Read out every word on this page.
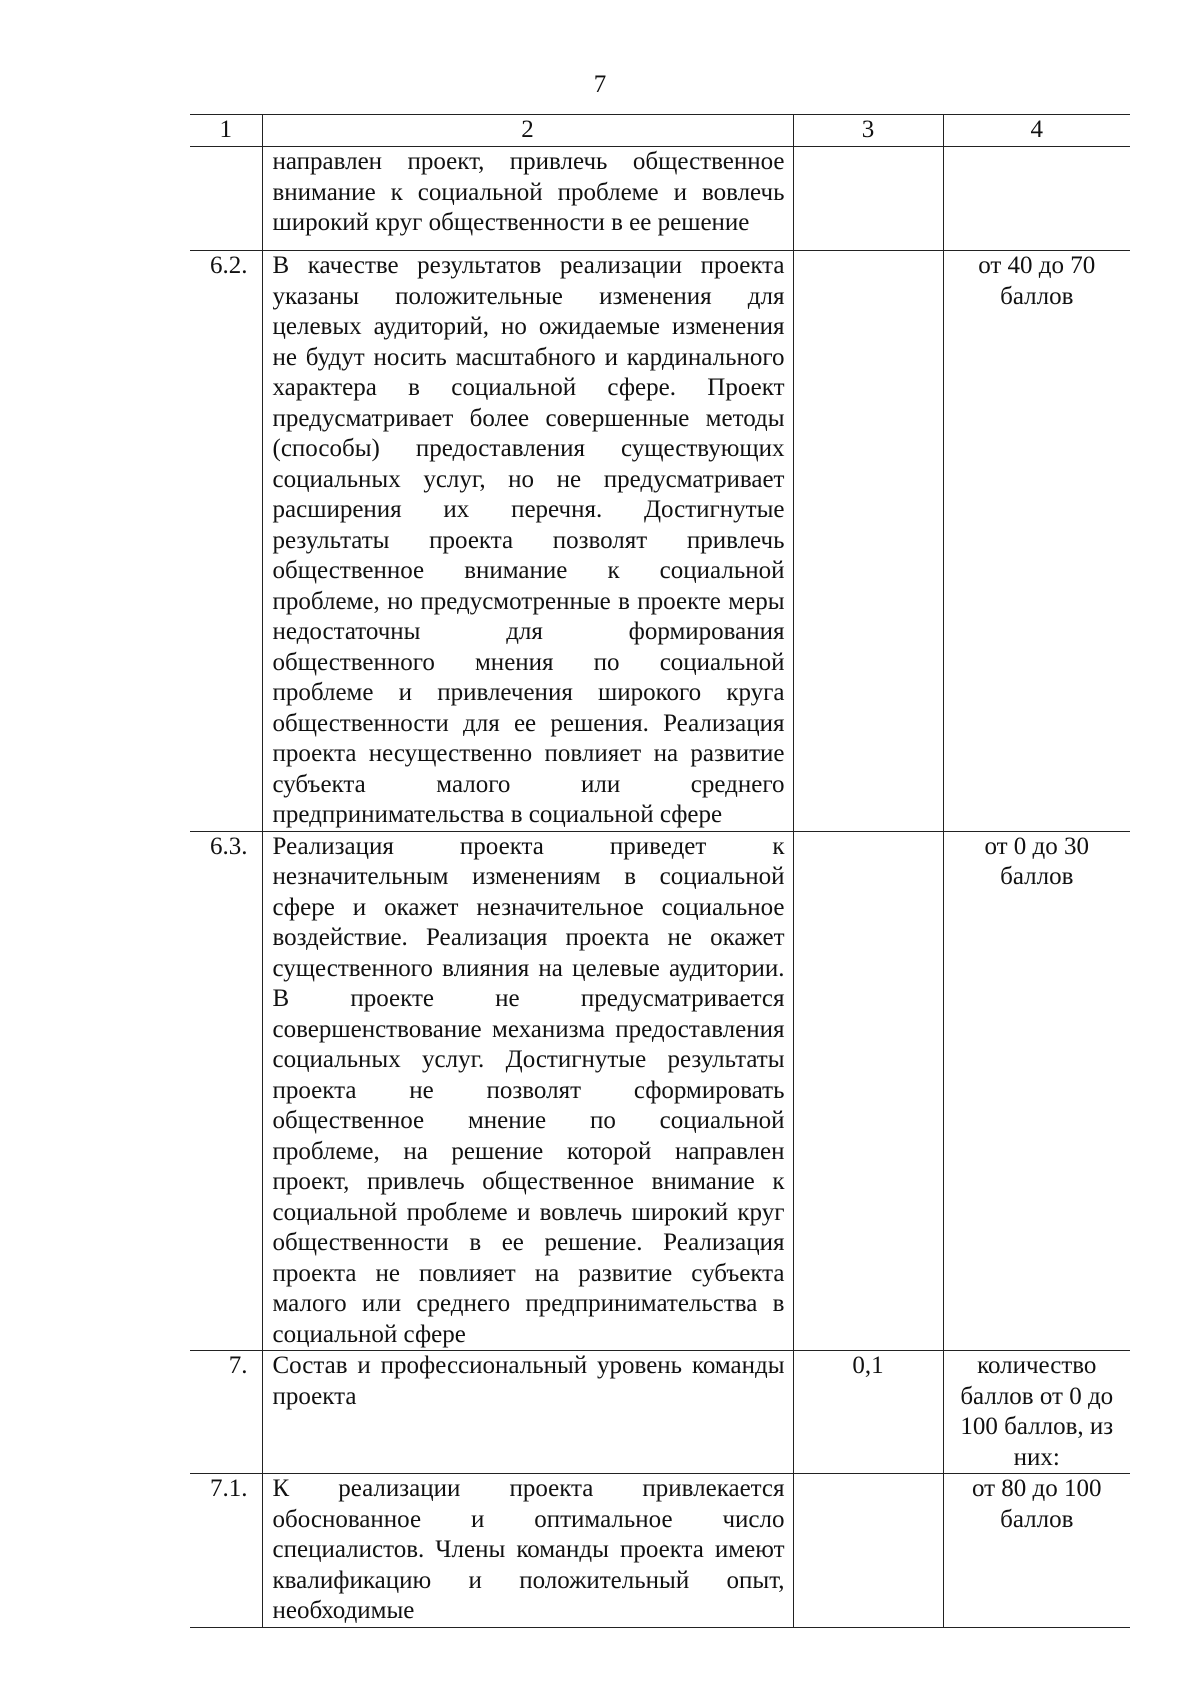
7
1	2	3	4
	направлен проект, привлечь общественное внимание к социальной проблеме и вовлечь широкий круг общественности в ее решение		
6.2.	В качестве результатов реализации проекта указаны положительные изменения для целевых аудиторий, но ожидаемые изменения не будут носить масштабного и кардинального характера в социальной сфере. Проект предусматривает более совершенные методы (способы) предоставления существующих социальных услуг, но не предусматривает расширения их перечня. Достигнутые результаты проекта позволят привлечь общественное внимание к социальной проблеме, но предусмотренные в проекте меры недостаточны для формирования общественного мнения по социальной проблеме и привлечения широкого круга общественности для ее решения. Реализация проекта несущественно повлияет на развитие субъекта малого или среднего предпринимательства в социальной сфере		от 40 до 70 баллов
6.3.	Реализация проекта приведет к незначительным изменениям в социальной сфере и окажет незначительное социальное воздействие. Реализация проекта не окажет существенного влияния на целевые аудитории. В проекте не предусматривается совершенствование механизма предоставления социальных услуг. Достигнутые результаты проекта не позволят сформировать общественное мнение по социальной проблеме, на решение которой направлен проект, привлечь общественное внимание к социальной проблеме и вовлечь широкий круг общественности в ее решение. Реализация проекта не повлияет на развитие субъекта малого или среднего предпринимательства в социальной сфере		от 0 до 30 баллов
7.	Состав и профессиональный уровень команды проекта	0,1	количество баллов от 0 до 100 баллов, из них:
7.1.	К реализации проекта привлекается обоснованное и оптимальное число специалистов. Члены команды проекта имеют квалификацию и положительный опыт, необходимые		от 80 до 100 баллов
